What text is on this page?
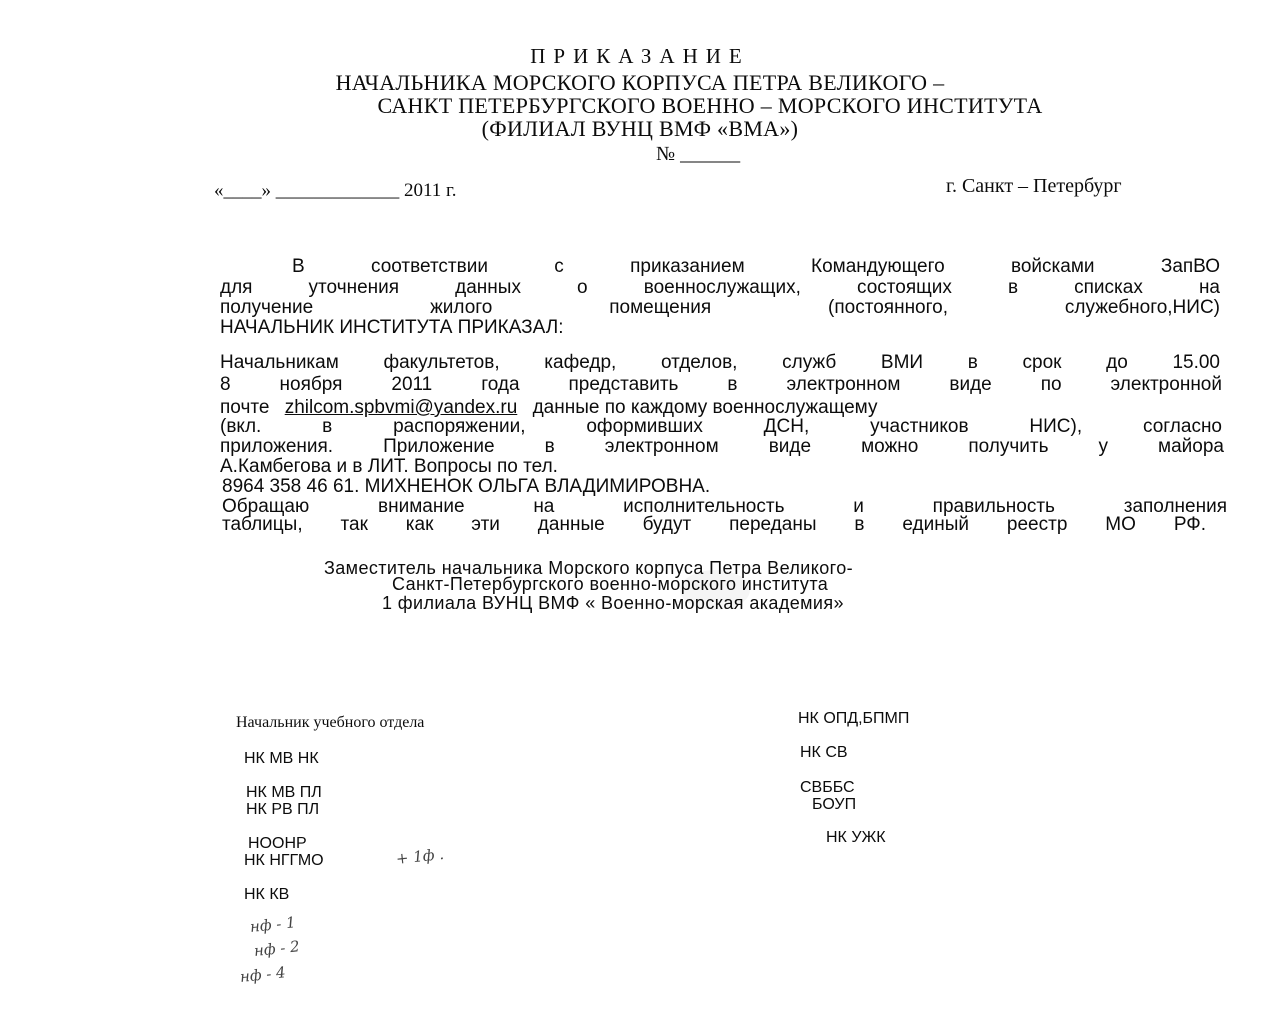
ПРИКАЗАНИЕ
НАЧАЛЬНИКА МОРСКОГО КОРПУСА ПЕТРА ВЕЛИКОГО –
САНКТ ПЕТЕРБУРГСКОГО ВОЕННО – МОРСКОГО ИНСТИТУТА
(ФИЛИАЛ ВУНЦ ВМФ «ВМА»)
№ ______
«____» _____________ 2011 г.	г. Санкт – Петербург
В соответствии с приказанием Командующего войсками ЗапВО
для уточнения данных о военнослужащих, состоящих в списках на
получение жилого помещения (постоянного, служебного,НИС)
НАЧАЛЬНИК ИНСТИТУТА ПРИКАЗАЛ:
Начальникам факультетов, кафедр, отделов, служб ВМИ в срок до 15.00
8 ноября 2011 года представить в электронном виде по электронной
почте zhilcom.spbvmi@yandex.ru данные по каждому военнослужащему
(вкл. в распоряжении, оформивших ДСН, участников НИС), согласно
приложения. Приложение в электронном виде можно получить у майора
А.Камбегова и в ЛИТ. Вопросы по тел.
8964 358 46 61. МИХНЕНОК ОЛЬГА ВЛАДИМИРОВНА.
Обращаю внимание на исполнительность и правильность заполнения
таблицы, так как эти данные будут переданы в единый реестр МО РФ.
Заместитель начальника Морского корпуса Петра Великого-
Санкт-Петербургского военно-морского института
1 филиала ВУНЦ ВМФ « Военно-морская академия»
Начальник учебного отдела
НК МВ НК
НК МВ ПЛ
НК РВ ПЛ
НООНР
НК НГГМО
НК КВ
НК ОПД,БПМП
НК СВ
СВББС
БОУП
НК УЖК
+ 1ф .
нф - 1
нф - 2
нф - 4
